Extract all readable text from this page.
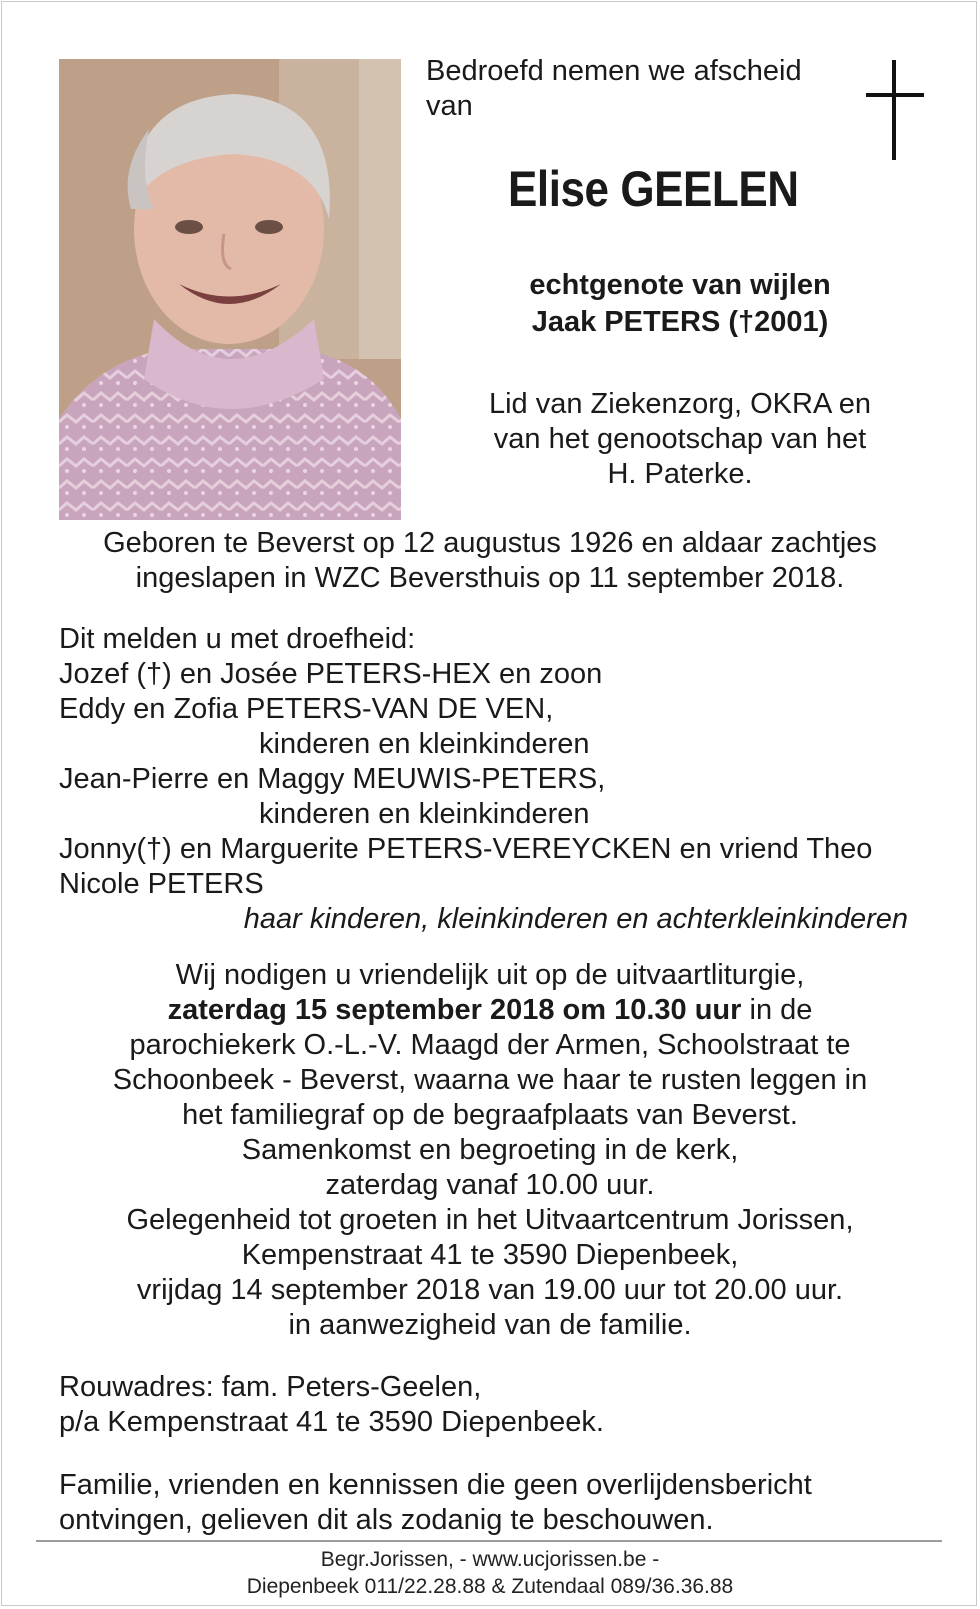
Bedroefd nemen we afscheid

van

Elise GEELEN

echtgenote van wijlen

Jaak PETERS (†2001)

Lid van Ziekenzorg, OKRA en

van het genootschap van het

H. Paterke.

Geboren te Beverst op 12 augustus 1926 en aldaar zachtjes

ingeslapen in WZC Beversthuis op 11 september 2018.

Dit melden u met droefheid:

Jozef (†) en Josée PETERS-HEX en zoon

Eddy en Zofia PETERS-VAN DE VEN,

kinderen en kleinkinderen

Jean-Pierre en Maggy MEUWIS-PETERS,

kinderen en kleinkinderen

Jonny(†) en Marguerite PETERS-VEREYCKEN en vriend Theo

Nicole PETERS

haar kinderen, kleinkinderen en achterkleinkinderen

Wij nodigen u vriendelijk uit op de uitvaartliturgie,

zaterdag 15 september 2018 om 10.30 uur in de

parochiekerk O.-L.-V. Maagd der Armen, Schoolstraat te

Schoonbeek - Beverst, waarna we haar te rusten leggen in

het familiegraf op de begraafplaats van Beverst.

Samenkomst en begroeting in de kerk,

zaterdag vanaf 10.00 uur.

Gelegenheid tot groeten in het Uitvaartcentrum Jorissen,

Kempenstraat 41 te 3590 Diepenbeek,

vrijdag 14 september 2018 van 19.00 uur tot 20.00 uur.

in aanwezigheid van de familie.

Rouwadres: fam. Peters-Geelen,

p/a Kempenstraat 41 te 3590 Diepenbeek.

Familie, vrienden en kennissen die geen overlijdensbericht

ontvingen, gelieven dit als zodanig te beschouwen.

Begr.Jorissen, - www.ucjorissen.be -

Diepenbeek 011/22.28.88 & Zutendaal 089/36.36.88
